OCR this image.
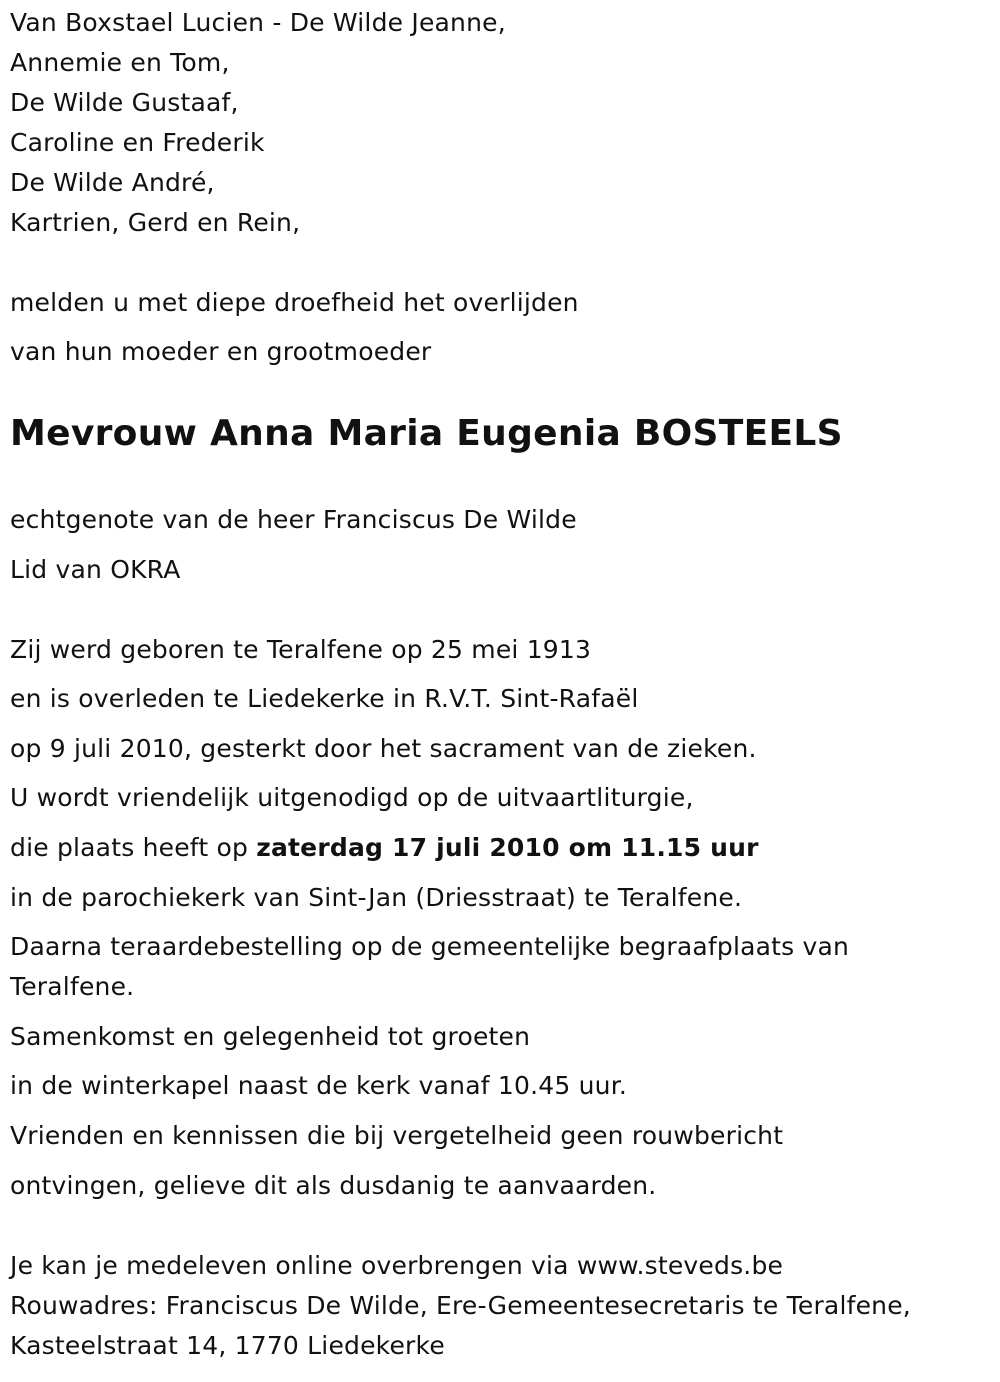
Van Boxstael Lucien - De Wilde Jeanne,

Annemie en Tom,

De Wilde Gustaaf,

Caroline en Frederik

De Wilde André,

Kartrien, Gerd en Rein,

melden u met diepe droefheid het overlijden

van hun moeder en grootmoeder

Mevrouw Anna Maria Eugenia BOSTEELS

echtgenote van de heer Franciscus De Wilde

Lid van OKRA

Zij werd geboren te Teralfene op 25 mei 1913

en is overleden te Liedekerke in R.V.T. Sint-Rafaël

op 9 juli 2010, gesterkt door het sacrament van de zieken.

U wordt vriendelijk uitgenodigd op de uitvaartliturgie,

die plaats heeft op zaterdag 17 juli 2010 om 11.15 uur

in de parochiekerk van Sint-Jan (Driesstraat) te Teralfene.

Daarna teraardebestelling op de gemeentelijke begraafplaats van Teralfene.

Samenkomst en gelegenheid tot groeten

in de winterkapel naast de kerk vanaf 10.45 uur.

Vrienden en kennissen die bij vergetelheid geen rouwbericht

ontvingen, gelieve dit als dusdanig te aanvaarden.

Je kan je medeleven online overbrengen via www.steveds.be

Rouwadres: Franciscus De Wilde, Ere-Gemeentesecretaris te Teralfene,

Kasteelstraat 14, 1770 Liedekerke
